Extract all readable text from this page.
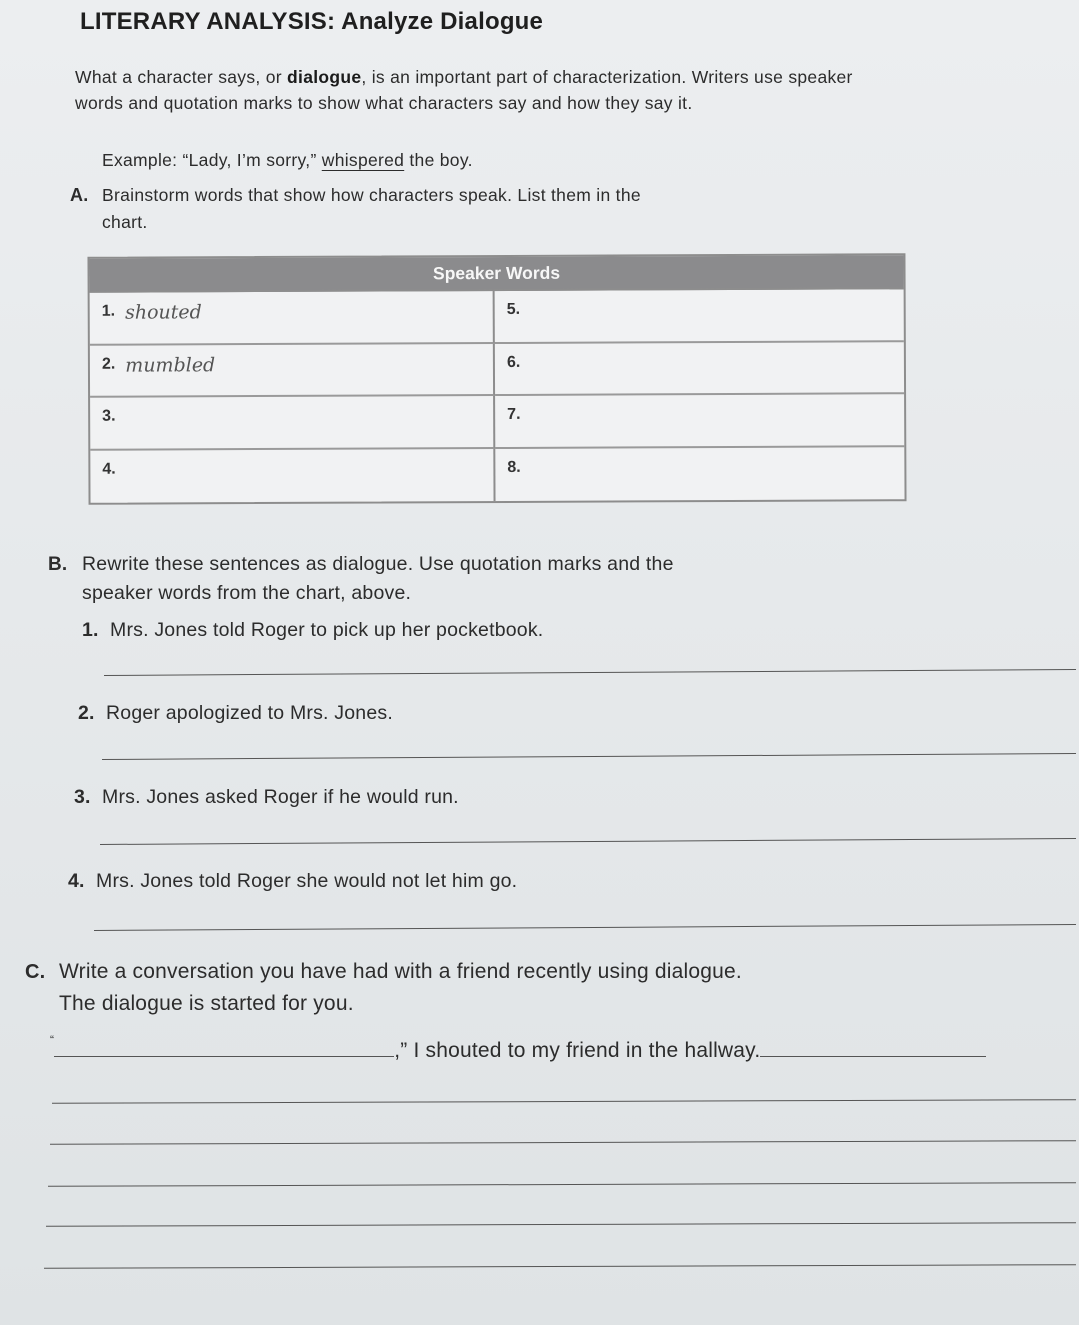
LITERARY ANALYSIS: Analyze Dialogue
What a character says, or dialogue, is an important part of characterization. Writers use speaker words and quotation marks to show what characters say and how they say it.
Example: “Lady, I’m sorry,” whispered the boy.
A. Brainstorm words that show how characters speak. List them in the
chart.
Speaker Words
1. shouted	5.
2. mumbled	6.
3.	7.
4.	8.
B. Rewrite these sentences as dialogue. Use quotation marks and the
speaker words from the chart, above.
1. Mrs. Jones told Roger to pick up her pocketbook.
2. Roger apologized to Mrs. Jones.
3. Mrs. Jones asked Roger if he would run.
4. Mrs. Jones told Roger she would not let him go.
C. Write a conversation you have had with a friend recently using dialogue.
The dialogue is started for you.
“	,” I shouted to my friend in the hallway.
